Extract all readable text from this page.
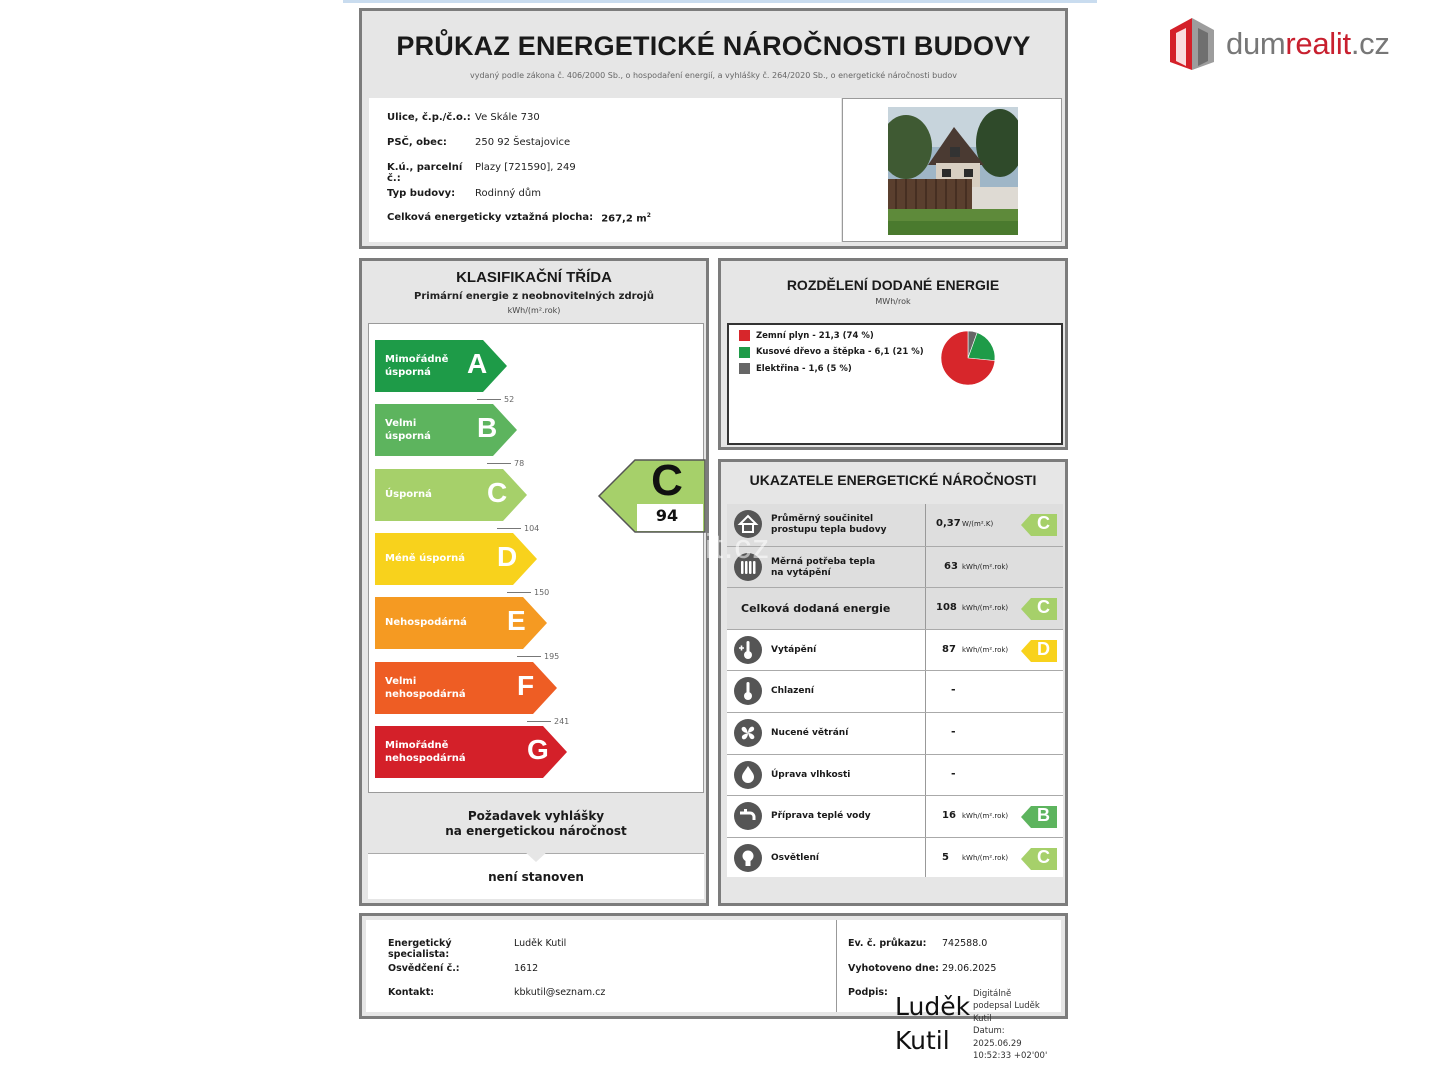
dumrealit.cz
PRŮKAZ ENERGETICKÉ NÁROČNOSTI BUDOVY
vydaný podle zákona č. 406/2000 Sb., o hospodaření energií, a vyhlášky č. 264/2020 Sb., o energetické náročnosti budov
Ulice, č.p./č.o.: Ve Skále 730
PSČ, obec:	250 92 Šestajovice
K.ú., parcelní č.:
Plazy [721590], 249
Typ budovy:	Rodinný dům
Celková energeticky vztažná plocha: 267,2 $m^2$
KLASIFIKAČNÍ TŘÍDA
Primární energie z neobnovitelných zdrojů
kWh/(m².rok)
Mimořádně
úsporná	A
52
Velmi
úsporná B
78
Úsporná C
104
Méně úsporná D
150
Nehospodárná E
195
Velmi
nehospodárná F
241
Mimořádně
nehospodárná G
C
94
Požadavek vyhlášky
na energetickou náročnost
není stanoven
ROZDĚLENÍ DODANÉ ENERGIE
MWh/rok
Zemní plyn - 21,3 (74 %)
Kusové dřevo a štěpka - 6,1 (21 %)
Elektřina - 1,6 (5 %)
UKAZATELE ENERGETICKÉ NÁROČNOSTI
Průměrný součinitel
prostupu tepla budovy
0,37 W/(m².K)	C
Měrná potřeba tepla
na vytápění
63 kWh/(m².rok)
Celková dodaná energie	108 kWh/(m².rok)	C
Vytápění	87 kWh/(m².rok)	D
Chlazení	-
Nucené větrání	-
Úprava vlhkosti	-
Příprava teplé vody	16 kWh/(m².rok)	B
Osvětlení	5 kWh/(m².rok)	C
Energetický specialista:
Luděk Kutil
Osvědčení č.:	1612
Kontakt:	kbkutil@seznam.cz
Ev. č. průkazu:	742588.0
Vyhotoveno dne: 29.06.2025
Podpis: Luděk
Kutil
Digitálně
podepsal Luděk
Kutil
Datum:
2025.06.29
10:52:33 +02'00'
dumrealit.cz
